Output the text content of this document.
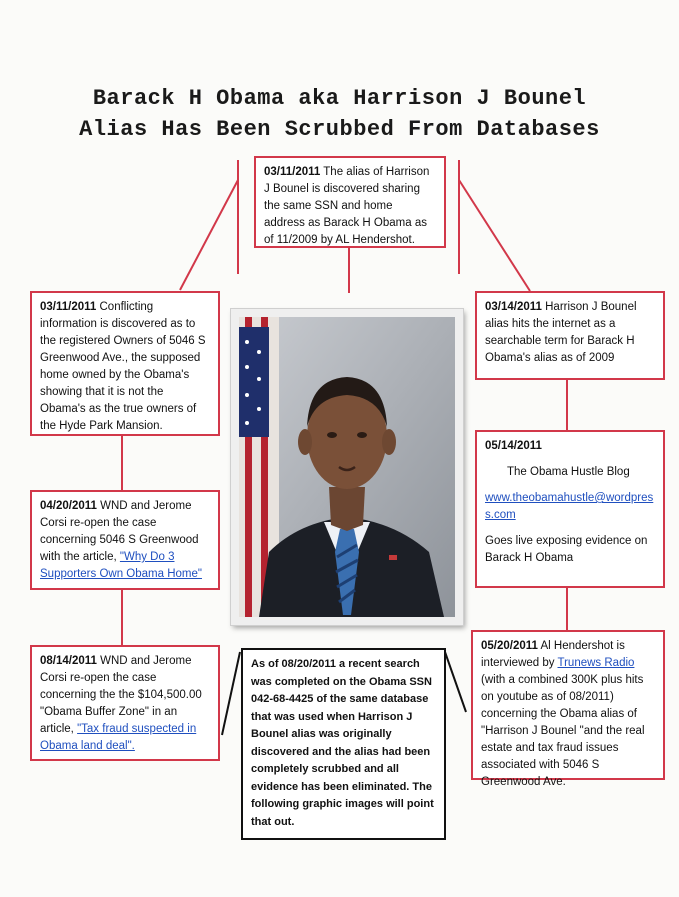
Barack H Obama aka Harrison J Bounel
Alias Has Been Scrubbed From Databases
03/11/2011 The alias of Harrison J Bounel is discovered sharing the same SSN and home address as Barack H Obama as of 11/2009 by AL Hendershot.
03/11/2011 Conflicting information is discovered as to the registered Owners of 5046 S Greenwood Ave., the supposed home owned by the Obama's showing that it is not the Obama's as the true owners of the Hyde Park Mansion.
04/20/2011 WND and Jerome Corsi re-open the case concerning 5046 S Greenwood with the article, "Why Do 3 Supporters Own Obama Home"
08/14/2011 WND and Jerome Corsi re-open the case concerning the the $104,500.00 "Obama Buffer Zone" in an article, "Tax fraud suspected in Obama land deal".
As of 08/20/2011 a recent search was completed on the Obama SSN 042-68-4425 of the same database that was used when Harrison J Bounel alias was originally discovered and the alias had been completely scrubbed and all evidence has been eliminated. The following graphic images will point that out.
03/14/2011 Harrison J Bounel alias hits the internet as a searchable term for Barack H Obama's alias as of 2009

05/14/2011

The Obama Hustle Blog

www.theobamahustle@wordpress.com

Goes live exposing evidence on Barack H Obama

05/20/2011 Al Hendershot is interviewed by Trunews Radio (with a combined 300K plus hits on youtube as of 08/2011) concerning the Obama alias of "Harrison J Bounel "and the real estate and tax fraud issues associated with 5046 S Greenwood Ave.
